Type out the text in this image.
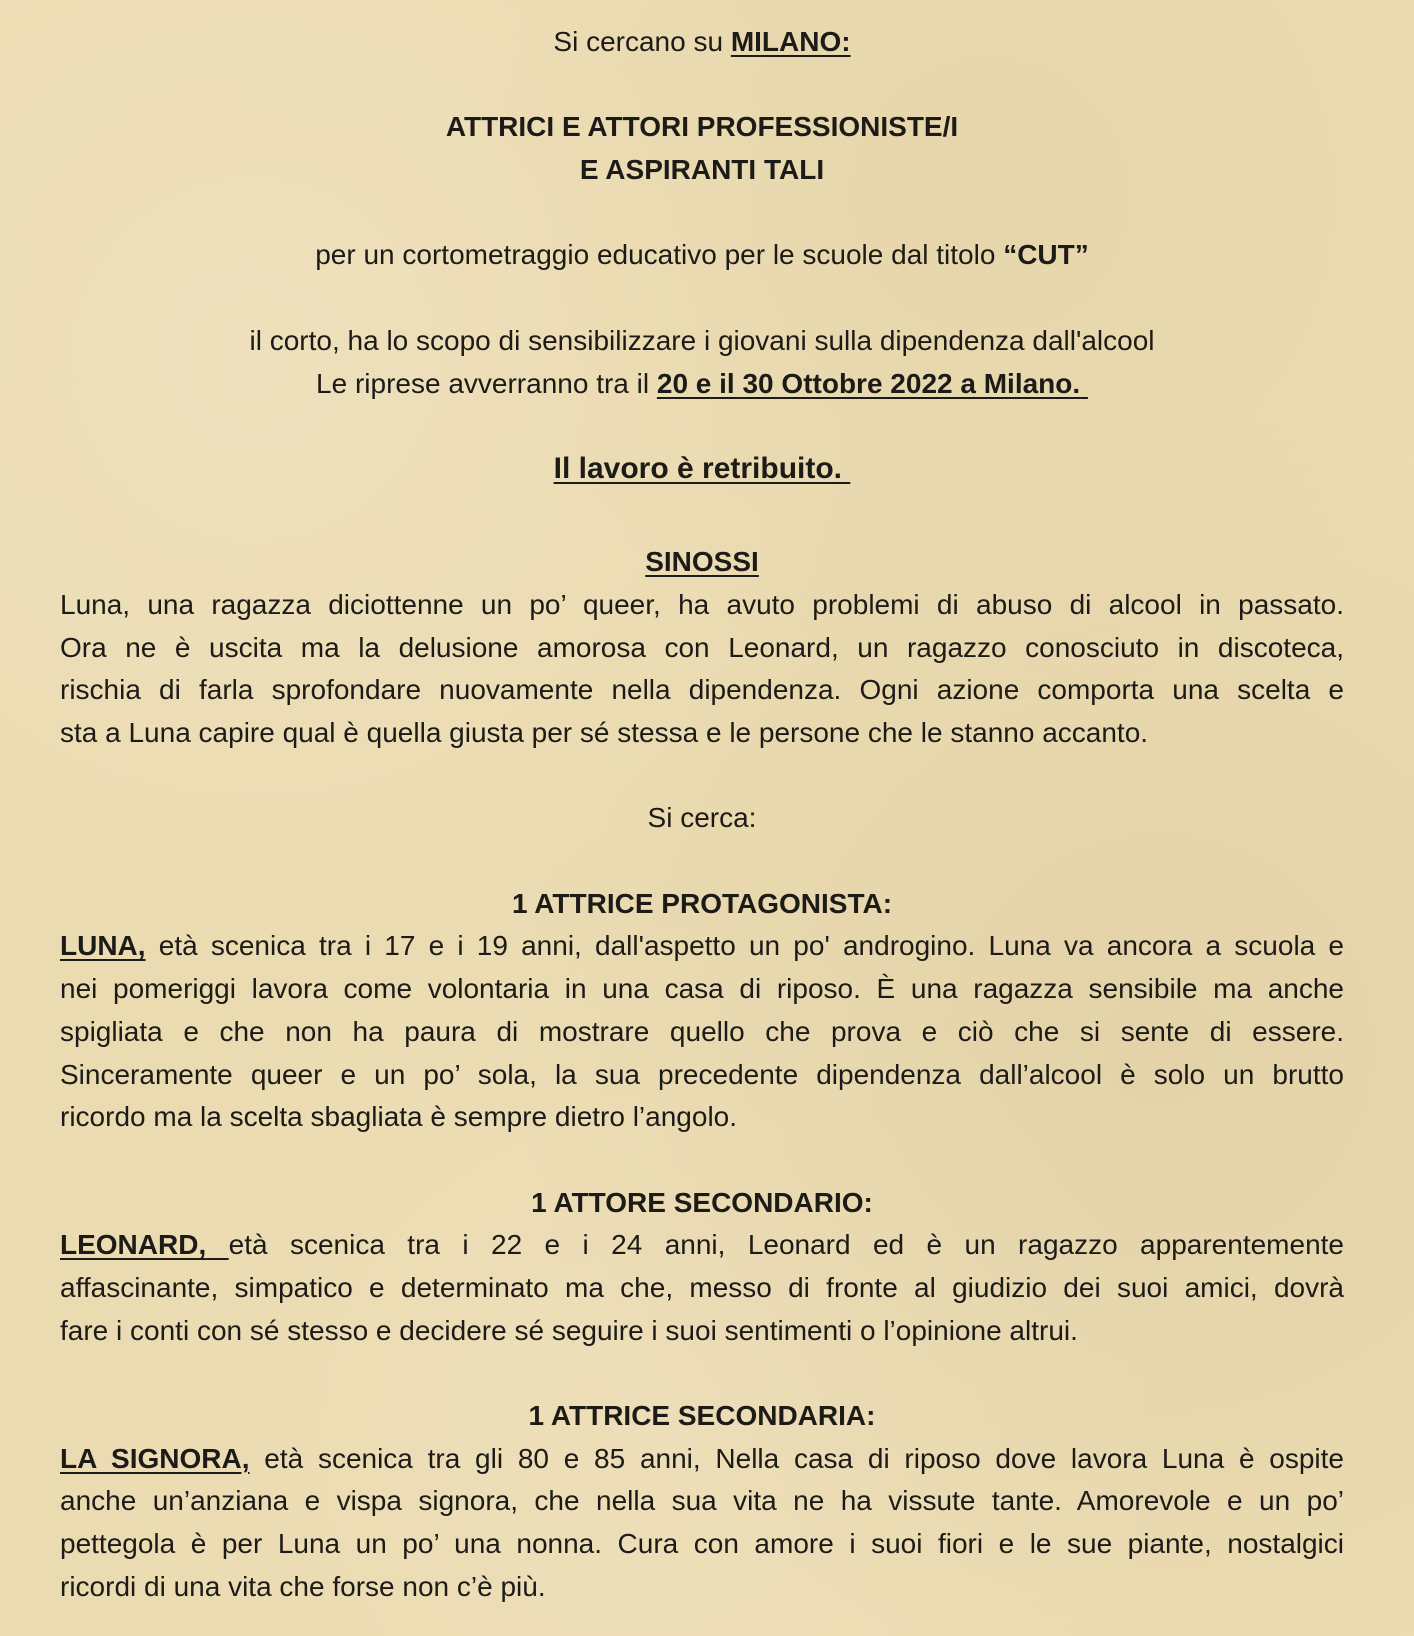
Si cercano su MILANO:
ATTRICI E ATTORI PROFESSIONISTE/I
E ASPIRANTI TALI
per un cortometraggio educativo per le scuole dal titolo “CUT”
il corto, ha lo scopo di sensibilizzare i giovani sulla dipendenza dall'alcool
Le riprese avverranno tra il 20 e il 30 Ottobre 2022 a Milano.
Il lavoro è retribuito.
SINOSSI
Luna, una ragazza diciottenne un po’ queer, ha avuto problemi di abuso di alcool in passato.
Ora ne è uscita ma la delusione amorosa con Leonard, un ragazzo conosciuto in discoteca,
rischia di farla sprofondare nuovamente nella dipendenza. Ogni azione comporta una scelta e
sta a Luna capire qual è quella giusta per sé stessa e le persone che le stanno accanto.
Si cerca:
1 ATTRICE PROTAGONISTA:
LUNA, età scenica tra i 17 e i 19 anni, dall'aspetto un po' androgino. Luna va ancora a scuola e
nei pomeriggi lavora come volontaria in una casa di riposo. È una ragazza sensibile ma anche
spigliata e che non ha paura di mostrare quello che prova e ciò che si sente di essere.
Sinceramente queer e un po’ sola, la sua precedente dipendenza dall’alcool è solo un brutto
ricordo ma la scelta sbagliata è sempre dietro l’angolo.
1 ATTORE SECONDARIO:
LEONARD, età scenica tra i 22 e i 24 anni, Leonard ed è un ragazzo apparentemente
affascinante, simpatico e determinato ma che, messo di fronte al giudizio dei suoi amici, dovrà
fare i conti con sé stesso e decidere sé seguire i suoi sentimenti o l’opinione altrui.
1 ATTRICE SECONDARIA:
LA SIGNORA, età scenica tra gli 80 e 85 anni, Nella casa di riposo dove lavora Luna è ospite
anche un’anziana e vispa signora, che nella sua vita ne ha vissute tante. Amorevole e un po’
pettegola è per Luna un po’ una nonna. Cura con amore i suoi fiori e le sue piante, nostalgici
ricordi di una vita che forse non c’è più.
